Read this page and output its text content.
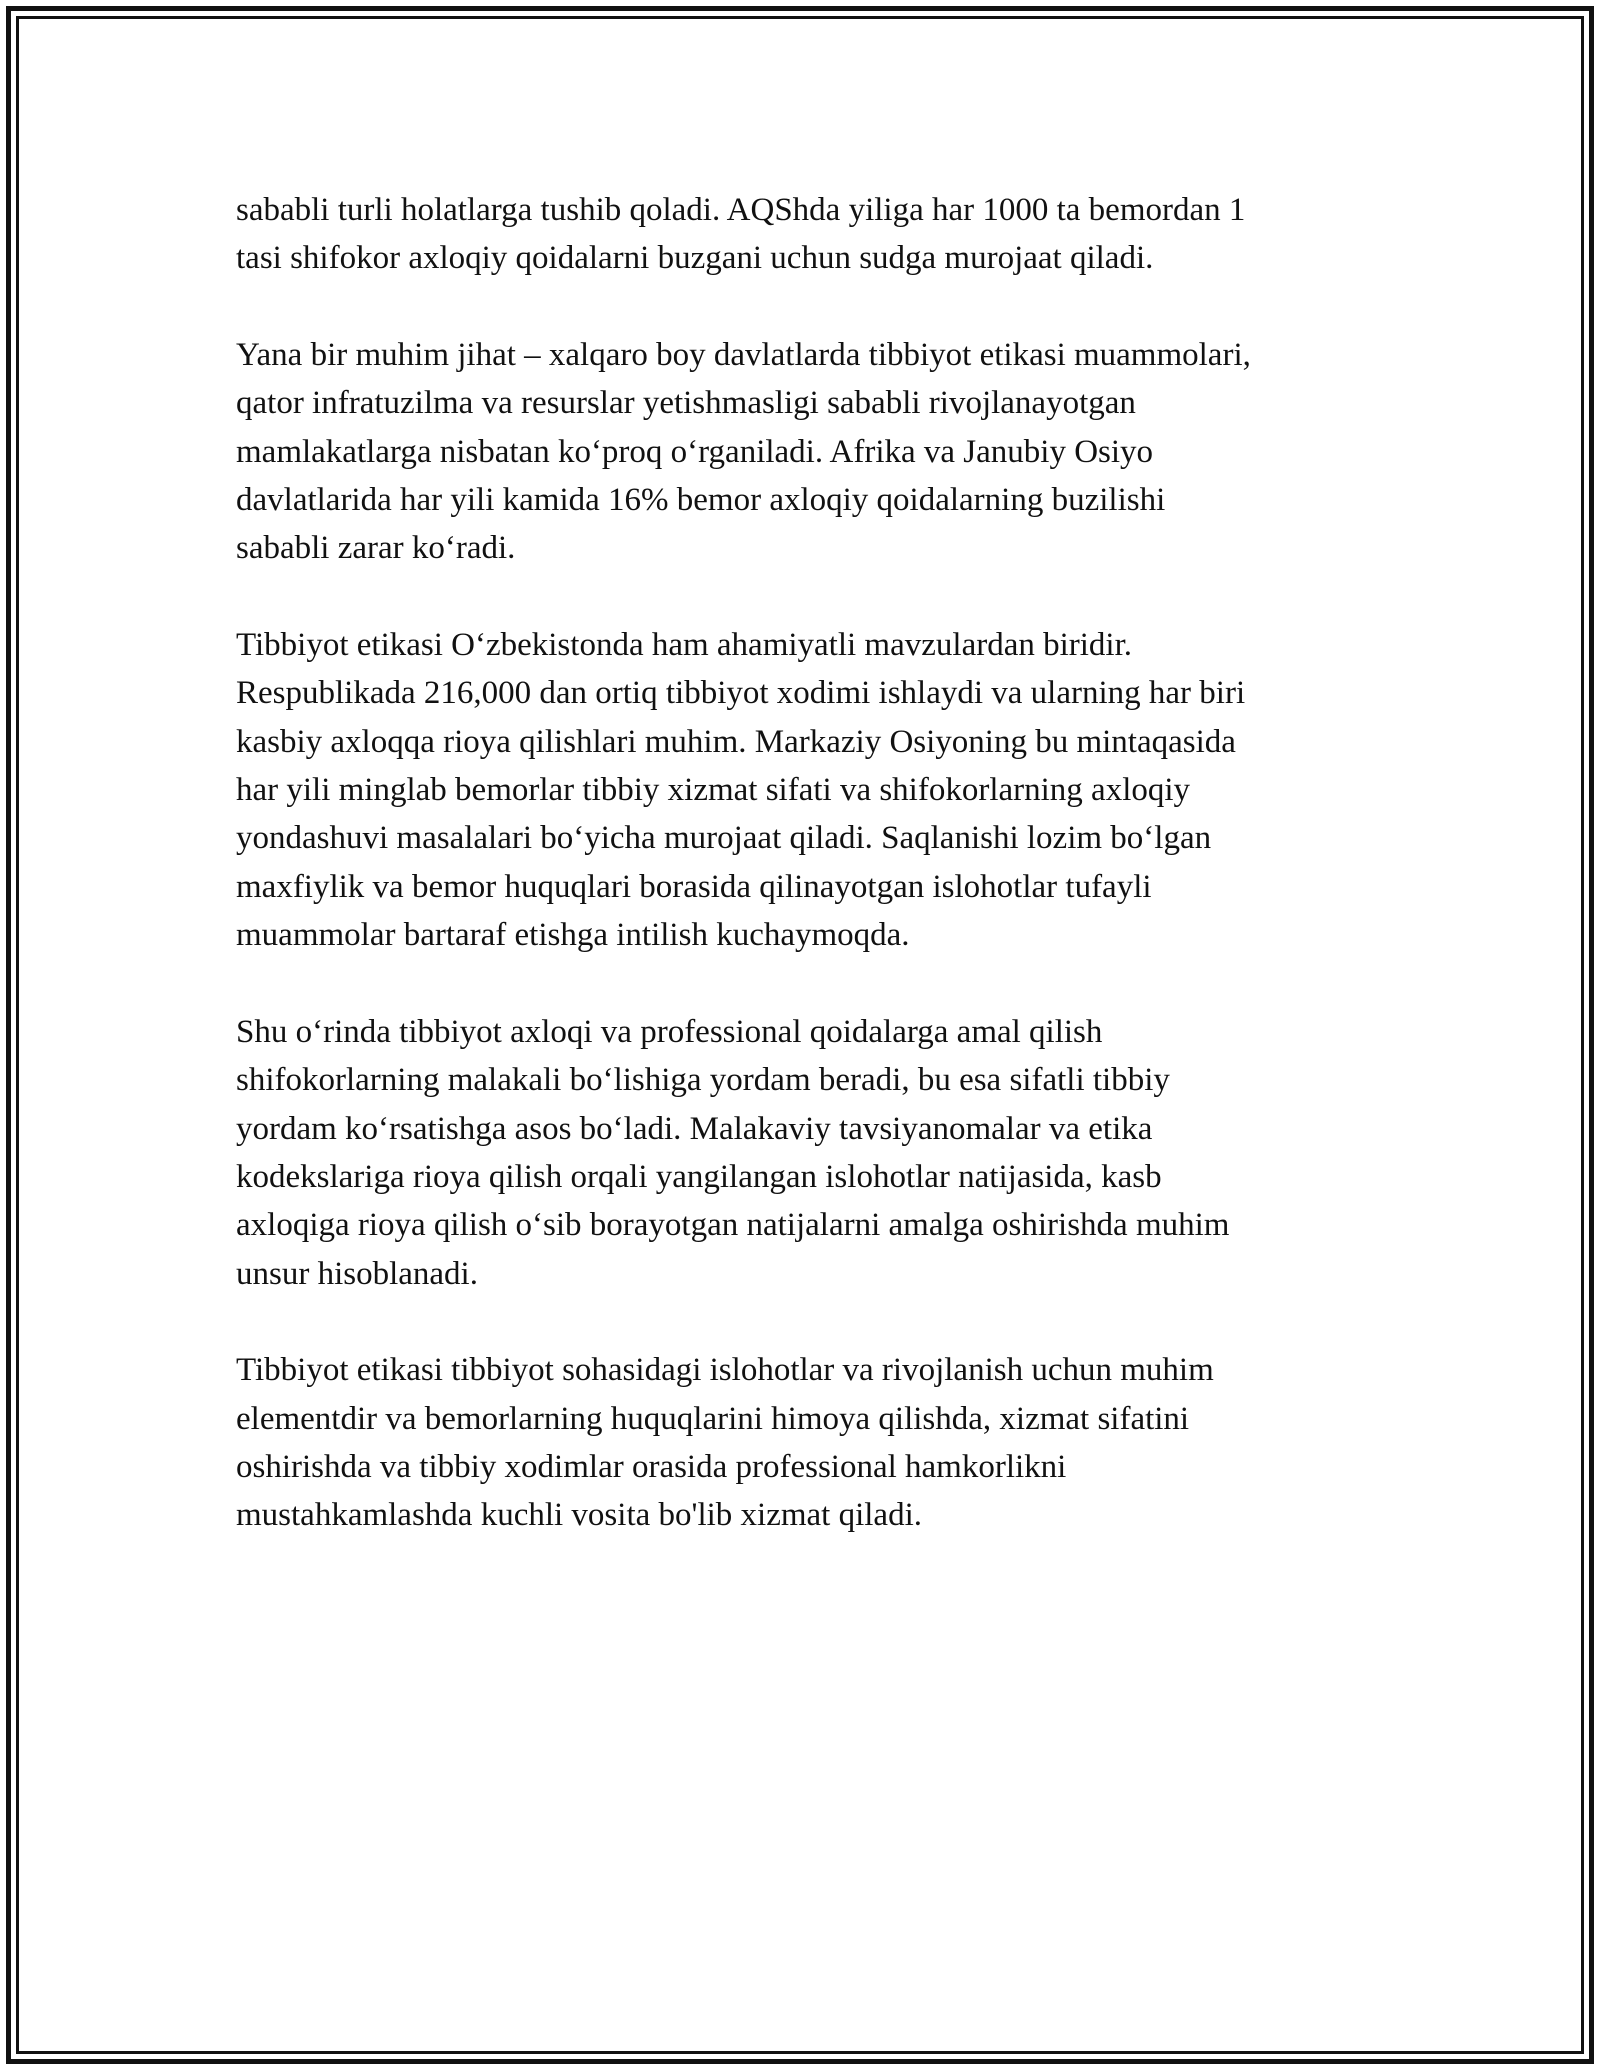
sababli turli holatlarga tushib qoladi. AQShda yiliga har 1000 ta bemordan 1
tasi shifokor axloqiy qoidalarni buzgani uchun sudga murojaat qiladi.

Yana bir muhim jihat – xalqaro boy davlatlarda tibbiyot etikasi muammolari,
qator infratuzilma va resurslar yetishmasligi sababli rivojlanayotgan
mamlakatlarga nisbatan koʻproq oʻrganiladi. Afrika va Janubiy Osiyo
davlatlarida har yili kamida 16% bemor axloqiy qoidalarning buzilishi
sababli zarar koʻradi.

Tibbiyot etikasi Oʻzbekistonda ham ahamiyatli mavzulardan biridir.
Respublikada 216,000 dan ortiq tibbiyot xodimi ishlaydi va ularning har biri
kasbiy axloqqa rioya qilishlari muhim. Markaziy Osiyoning bu mintaqasida
har yili minglab bemorlar tibbiy xizmat sifati va shifokorlarning axloqiy
yondashuvi masalalari boʻyicha murojaat qiladi. Saqlanishi lozim boʻlgan
maxfiylik va bemor huquqlari borasida qilinayotgan islohotlar tufayli
muammolar bartaraf etishga intilish kuchaymoqda.

Shu oʻrinda tibbiyot axloqi va professional qoidalarga amal qilish
shifokorlarning malakali boʻlishiga yordam beradi, bu esa sifatli tibbiy
yordam koʻrsatishga asos boʻladi. Malakaviy tavsiyanomalar va etika
kodekslariga rioya qilish orqali yangilangan islohotlar natijasida, kasb
axloqiga rioya qilish oʻsib borayotgan natijalarni amalga oshirishda muhim
unsur hisoblanadi.

Tibbiyot etikasi tibbiyot sohasidagi islohotlar va rivojlanish uchun muhim
elementdir va bemorlarning huquqlarini himoya qilishda, xizmat sifatini
oshirishda va tibbiy xodimlar orasida professional hamkorlikni
mustahkamlashda kuchli vosita bo'lib xizmat qiladi.
